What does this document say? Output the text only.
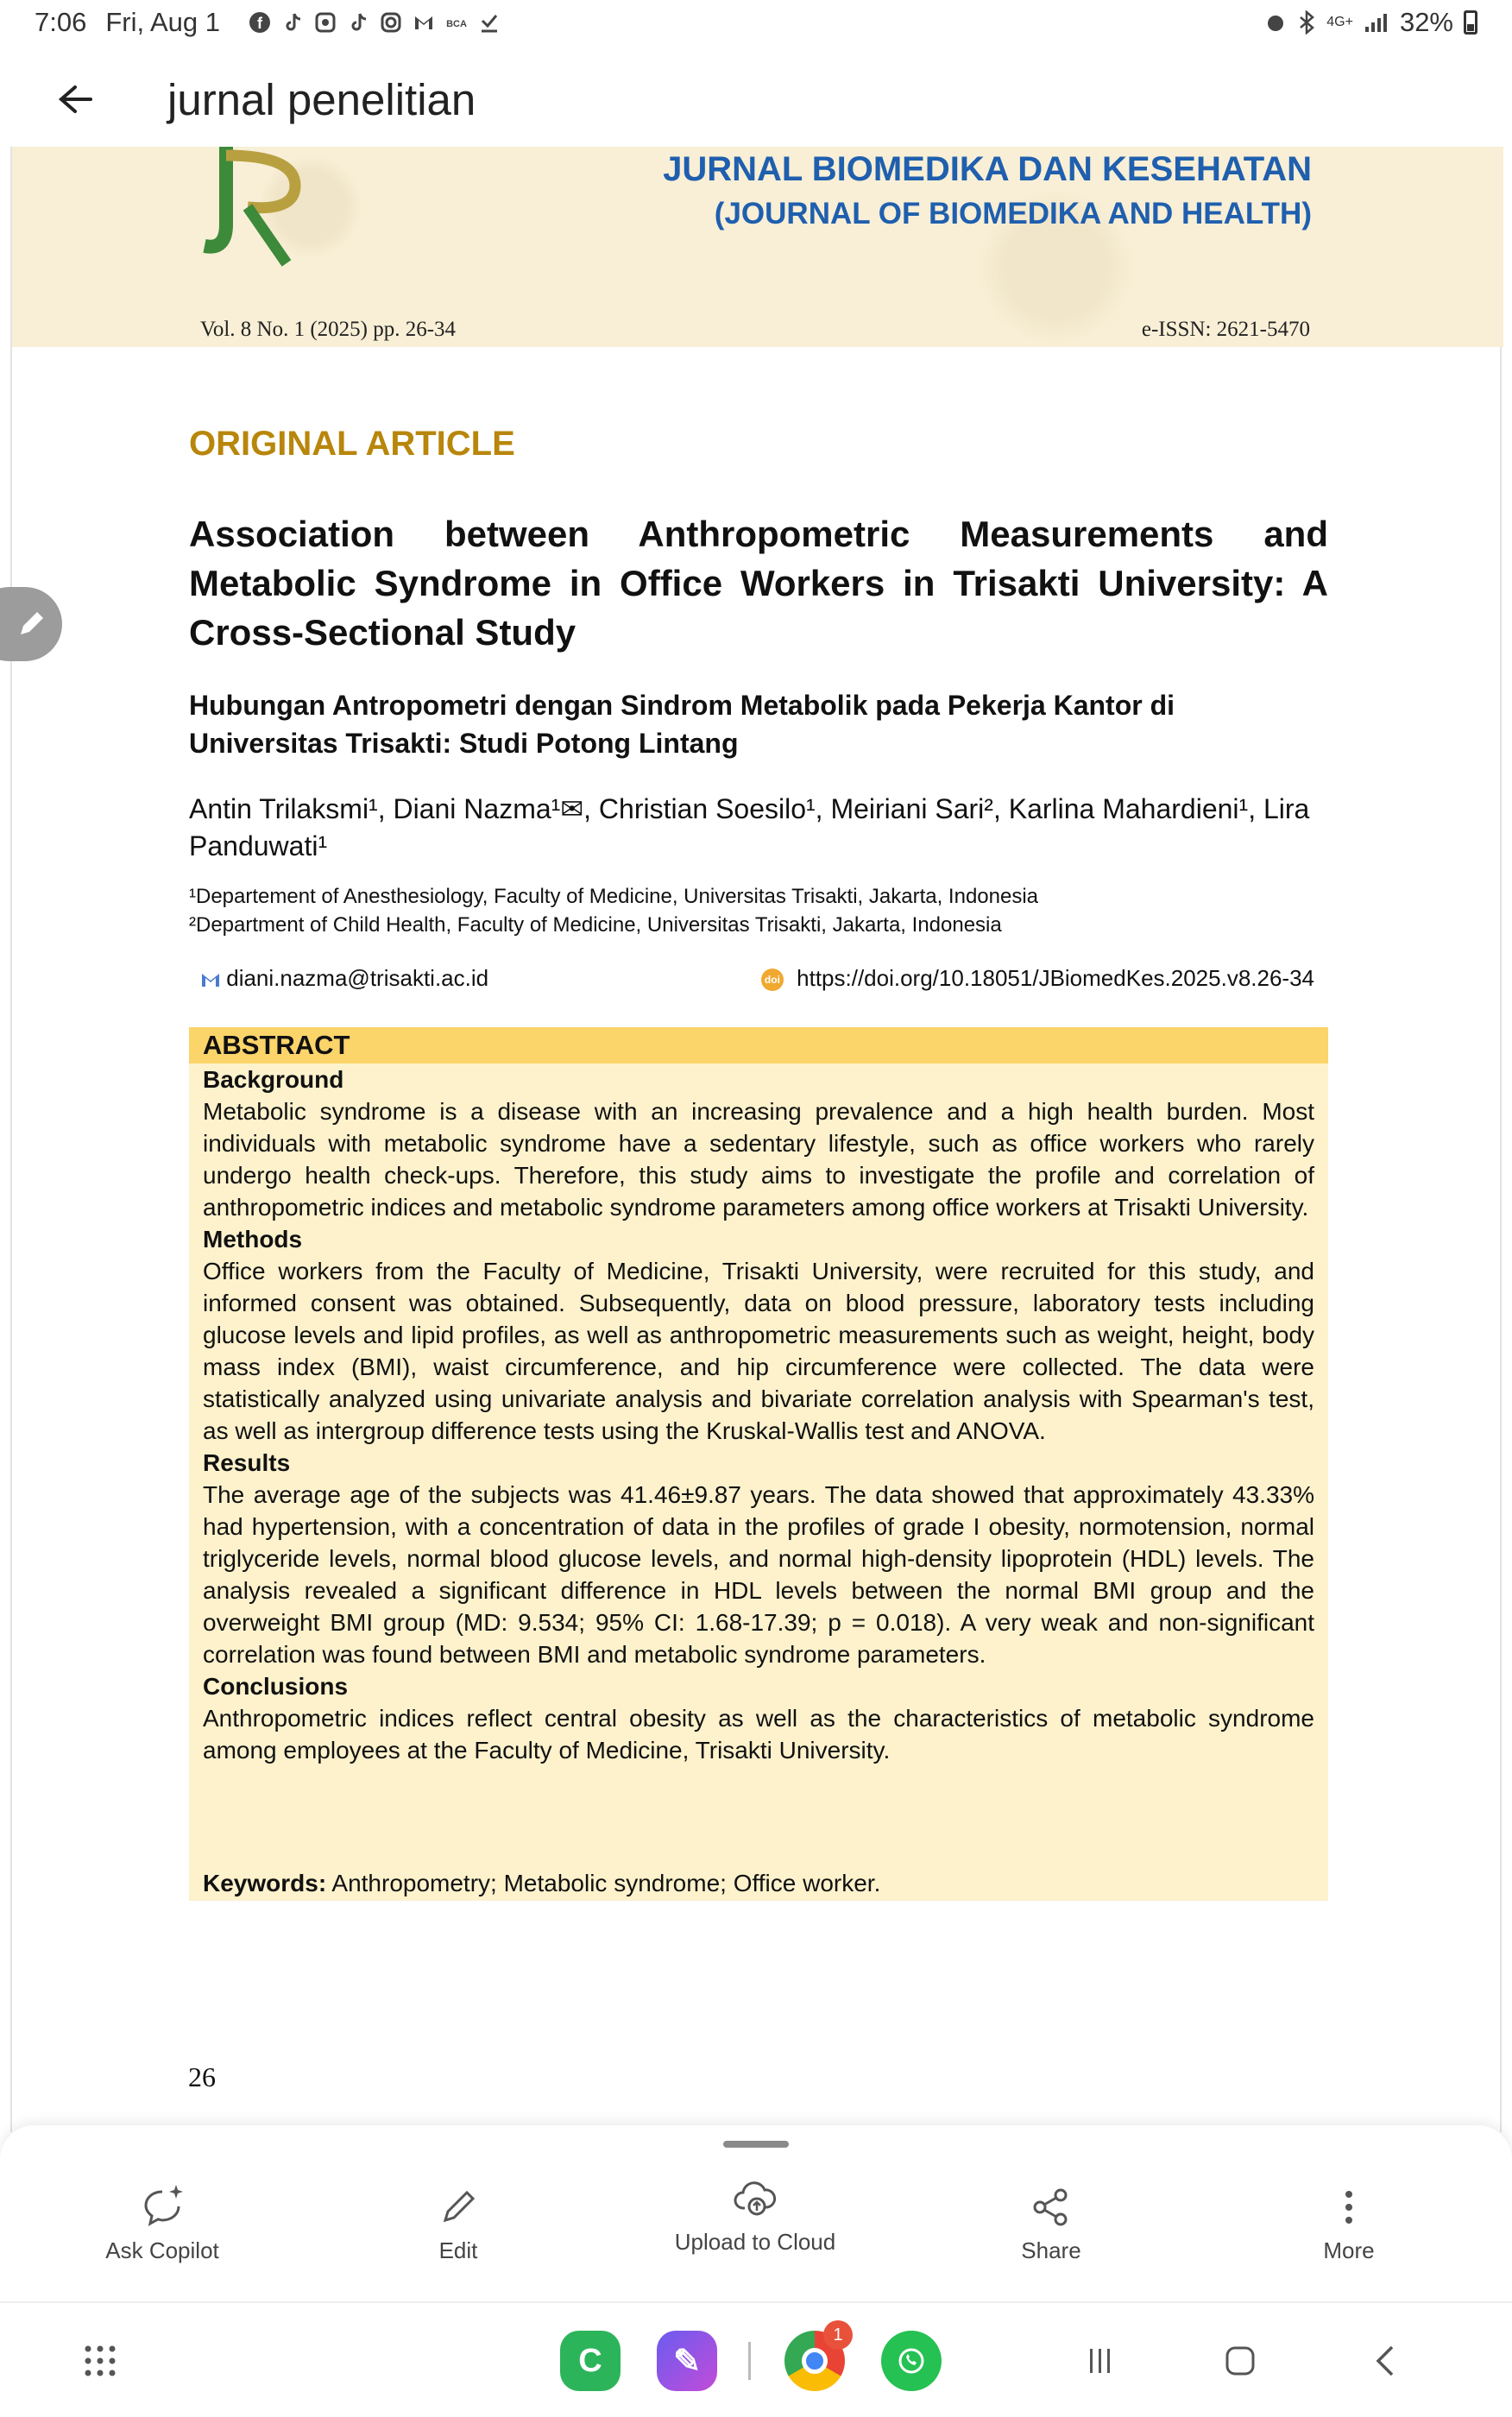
7:06 Fri, Aug 1 f	BCA	4G+ 32%
jurnal penelitian
JURNAL BIOMEDIKA DAN KESEHATAN
(JOURNAL OF BIOMEDIKA AND HEALTH)
Vol. 8 No. 1 (2025) pp. 26-34	e-ISSN: 2621-5470
ORIGINAL ARTICLE
Association between Anthropometric Measurements and Metabolic Syndrome in Office Workers in Trisakti University: A Cross-Sectional Study
Hubungan Antropometri dengan Sindrom Metabolik pada Pekerja Kantor di Universitas Trisakti: Studi Potong Lintang
Antin Trilaksmi¹, Diani Nazma¹✉, Christian Soesilo¹, Meiriani Sari², Karlina Mahardieni¹, Lira Panduwati¹
¹Departement of Anesthesiology, Faculty of Medicine, Universitas Trisakti, Jakarta, Indonesia
²Department of Child Health, Faculty of Medicine, Universitas Trisakti, Jakarta, Indonesia
diani.nazma@trisakti.ac.id	doi https://doi.org/10.18051/JBiomedKes.2025.v8.26-34
ABSTRACT
Background
Metabolic syndrome is a disease with an increasing prevalence and a high health burden. Most individuals with metabolic syndrome have a sedentary lifestyle, such as office workers who rarely undergo health check-ups. Therefore, this study aims to investigate the profile and correlation of anthropometric indices and metabolic syndrome parameters among office workers at Trisakti University.
Methods
Office workers from the Faculty of Medicine, Trisakti University, were recruited for this study, and informed consent was obtained. Subsequently, data on blood pressure, laboratory tests including glucose levels and lipid profiles, as well as anthropometric measurements such as weight, height, body mass index (BMI), waist circumference, and hip circumference were collected. The data were statistically analyzed using univariate analysis and bivariate correlation analysis with Spearman's test, as well as intergroup difference tests using the Kruskal-Wallis test and ANOVA.
Results
The average age of the subjects was 41.46±9.87 years. The data showed that approximately 43.33% had hypertension, with a concentration of data in the profiles of grade I obesity, normotension, normal triglyceride levels, normal blood glucose levels, and normal high-density lipoprotein (HDL) levels. The analysis revealed a significant difference in HDL levels between the normal BMI group and the overweight BMI group (MD: 9.534; 95% CI: 1.68-17.39; p = 0.018). A very weak and non-significant correlation was found between BMI and metabolic syndrome parameters.
Conclusions
Anthropometric indices reflect central obesity as well as the characteristics of metabolic syndrome among employees at the Faculty of Medicine, Trisakti University.
Keywords: Anthropometry; Metabolic syndrome; Office worker.
26
Ask Copilot	Edit	Upload to Cloud	Share	More
C	✎
1
